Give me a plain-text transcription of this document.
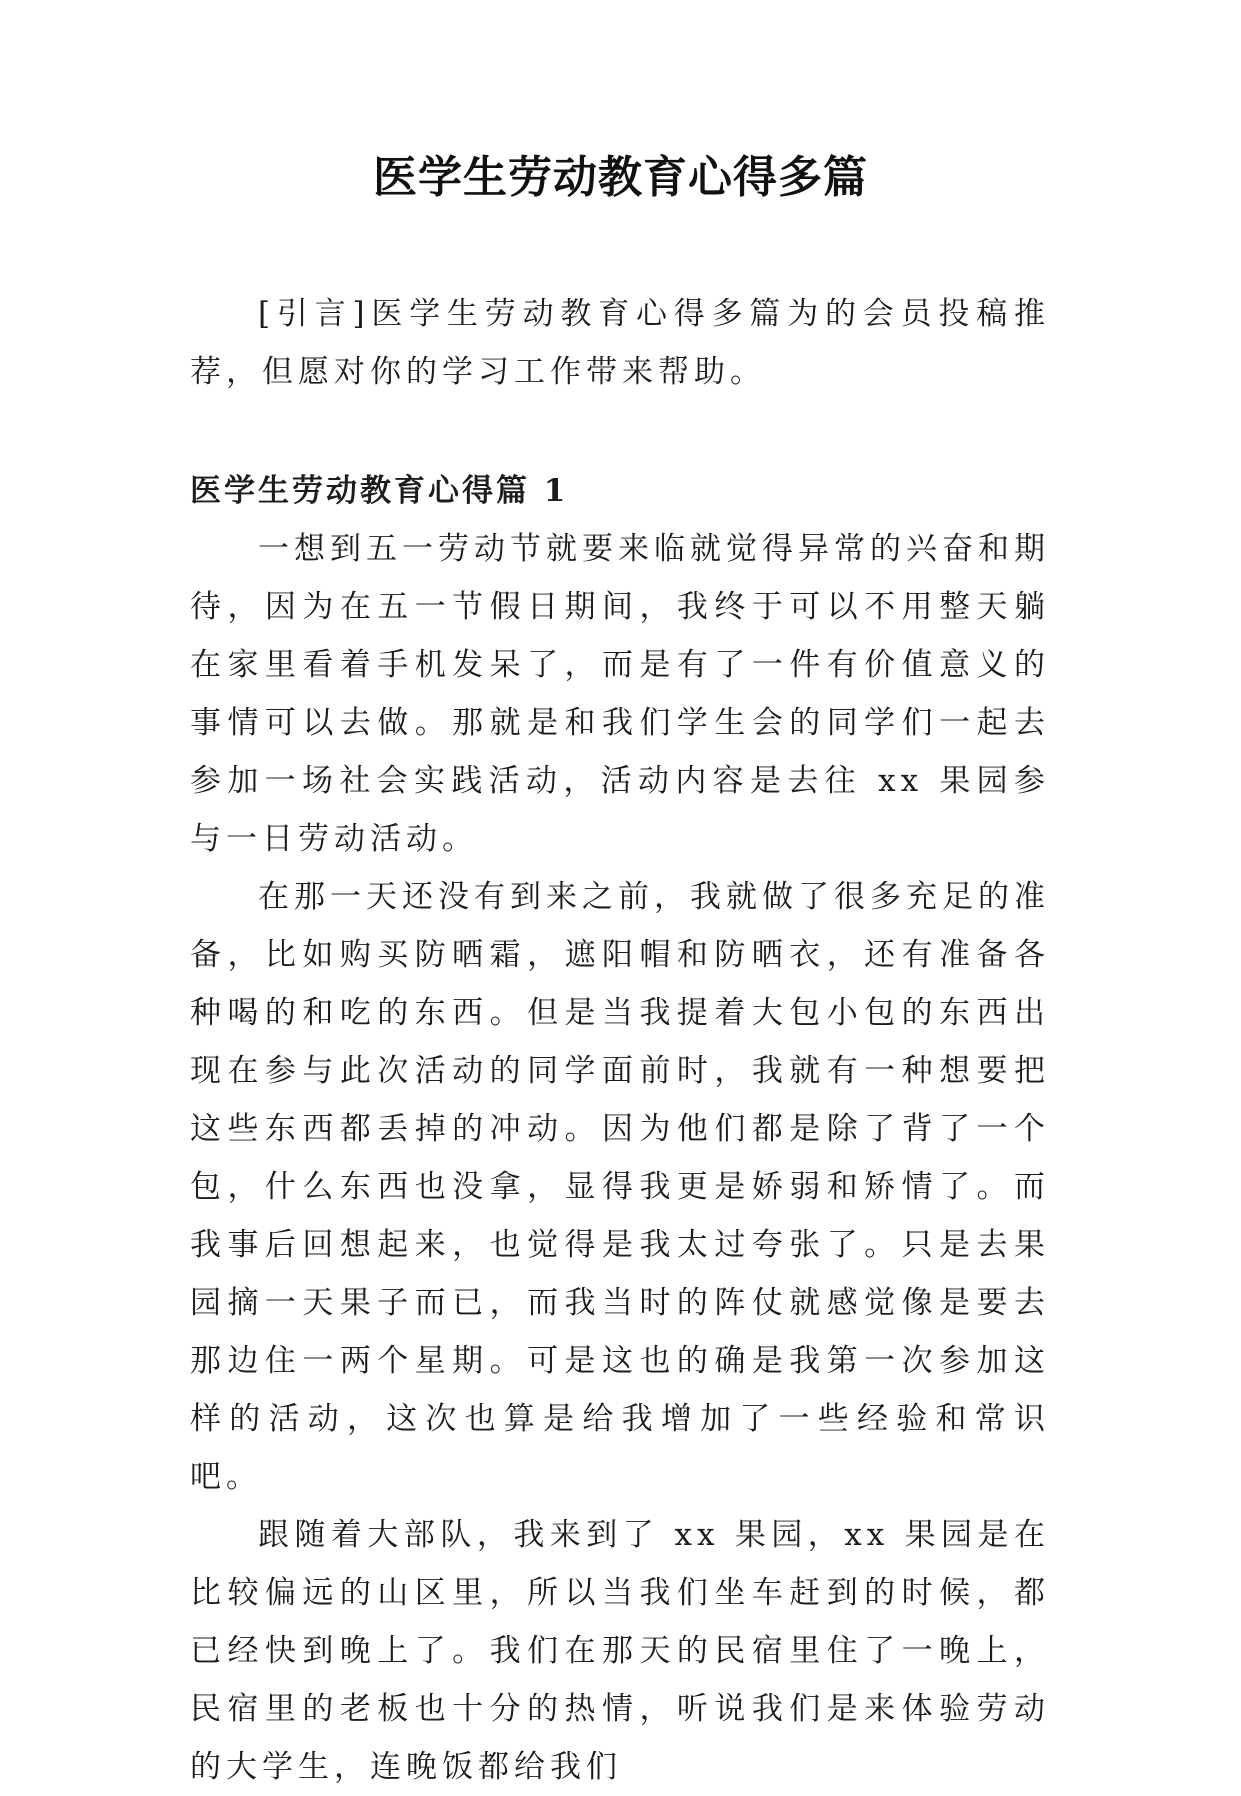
医学生劳动教育心得多篇

[引言]医学生劳动教育心得多篇为的会员投稿推荐，但愿对你的学习工作带来帮助。

医学生劳动教育心得篇 1

一想到五一劳动节就要来临就觉得异常的兴奋和期待，因为在五一节假日期间，我终于可以不用整天躺在家里看着手机发呆了，而是有了一件有价值意义的事情可以去做。那就是和我们学生会的同学们一起去参加一场社会实践活动，活动内容是去往 xx 果园参与一日劳动活动。

在那一天还没有到来之前，我就做了很多充足的准备，比如购买防晒霜，遮阳帽和防晒衣，还有准备各种喝的和吃的东西。但是当我提着大包小包的东西出现在参与此次活动的同学面前时，我就有一种想要把这些东西都丢掉的冲动。因为他们都是除了背了一个包，什么东西也没拿，显得我更是娇弱和矫情了。而我事后回想起来，也觉得是我太过夸张了。只是去果园摘一天果子而已，而我当时的阵仗就感觉像是要去那边住一两个星期。可是这也的确是我第一次参加这样的活动，这次也算是给我增加了一些经验和常识吧。

跟随着大部队，我来到了 xx 果园，xx 果园是在比较偏远的山区里，所以当我们坐车赶到的时候，都已经快到晚上了。我们在那天的民宿里住了一晚上，民宿里的老板也十分的热情，听说我们是来体验劳动的大学生，连晚饭都给我们
